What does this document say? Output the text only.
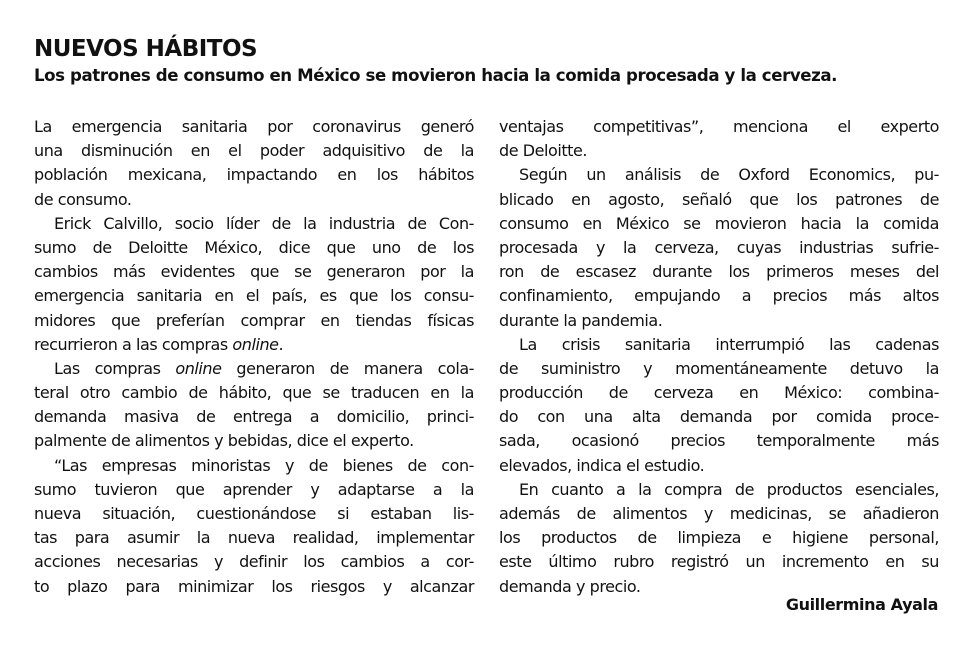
NUEVOS HÁBITOS
Los patrones de consumo en México se movieron hacia la comida procesada y la cerveza.
La emergencia sanitaria por coronavirus generó
una disminución en el poder adquisitivo de la
población mexicana, impactando en los hábitos
de consumo.
Erick Calvillo, socio líder de la industria de Con-
sumo de Deloitte México, dice que uno de los
cambios más evidentes que se generaron por la
emergencia sanitaria en el país, es que los consu-
midores que preferían comprar en tiendas físicas
recurrieron a las compras online.
Las compras online generaron de manera cola-
teral otro cambio de hábito, que se traducen en la
demanda masiva de entrega a domicilio, princi-
palmente de alimentos y bebidas, dice el experto.
“Las empresas minoristas y de bienes de con-
sumo tuvieron que aprender y adaptarse a la
nueva situación, cuestionándose si estaban lis-
tas para asumir la nueva realidad, implementar
acciones necesarias y definir los cambios a cor-
to plazo para minimizar los riesgos y alcanzar
ventajas competitivas”, menciona el experto
de Deloitte.
Según un análisis de Oxford Economics, pu-
blicado en agosto, señaló que los patrones de
consumo en México se movieron hacia la comida
procesada y la cerveza, cuyas industrias sufrie-
ron de escasez durante los primeros meses del
confinamiento, empujando a precios más altos
durante la pandemia.
La crisis sanitaria interrumpió las cadenas
de suministro y momentáneamente detuvo la
producción de cerveza en México: combina-
do con una alta demanda por comida proce-
sada, ocasionó precios temporalmente más
elevados, indica el estudio.
En cuanto a la compra de productos esenciales,
además de alimentos y medicinas, se añadieron
los productos de limpieza e higiene personal,
este último rubro registró un incremento en su
demanda y precio.
Guillermina Ayala
